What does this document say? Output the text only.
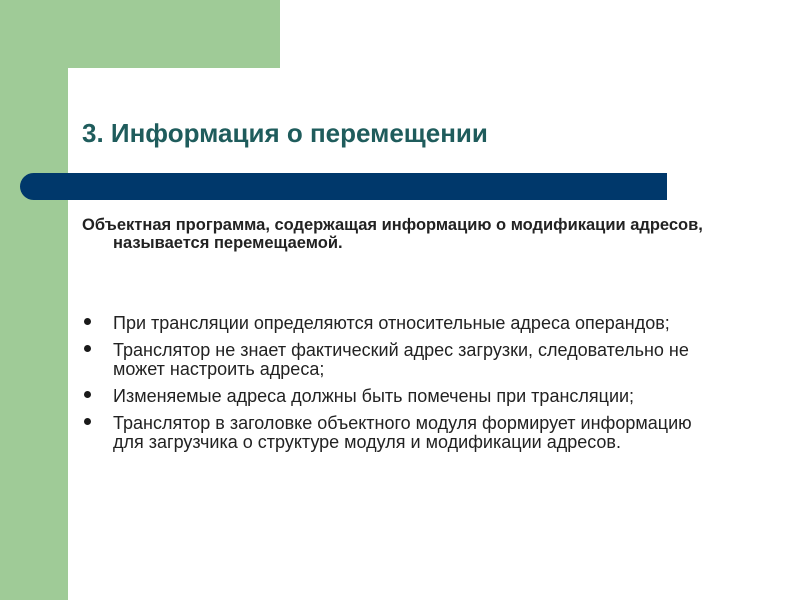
3. Информация о перемещении
Объектная программа, содержащая информацию о модификации адресов, называется перемещаемой.
При трансляции определяются относительные адреса операндов;
Транслятор не знает фактический адрес загрузки, следовательно не может настроить адреса;
Изменяемые адреса должны быть помечены при трансляции;
Транслятор в заголовке объектного модуля формирует информацию для загрузчика о структуре модуля и модификации адресов.
